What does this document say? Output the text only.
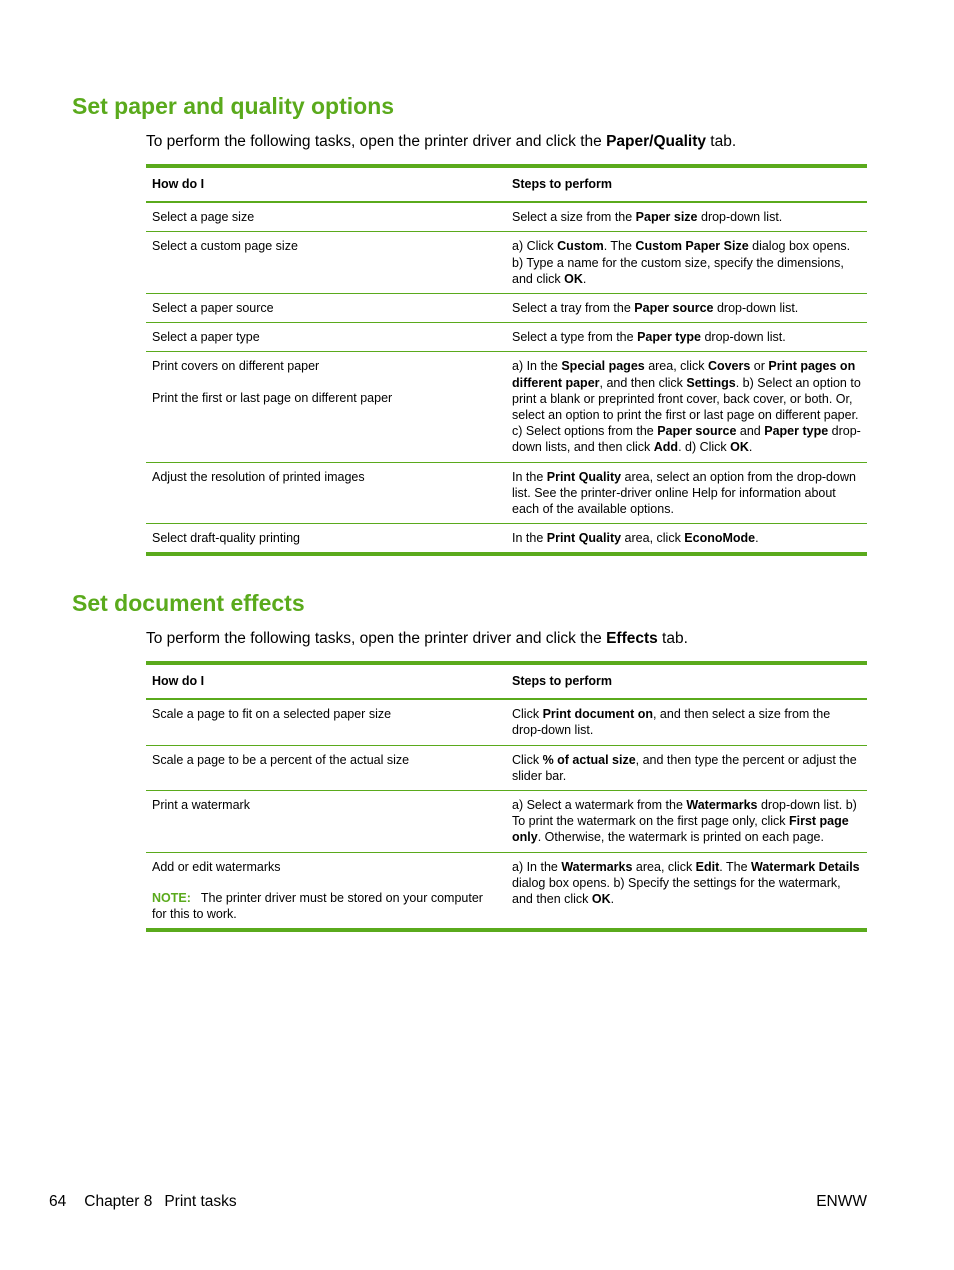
Set paper and quality options

To perform the following tasks, open the printer driver and click the Paper/Quality tab.

How do I	Steps to perform
Select a page size	Select a size from the Paper size drop-down list.
Select a custom page size	a) Click Custom. The Custom Paper Size dialog box opens. b) Type a name for the custom size, specify the dimensions, and click OK.
Select a paper source	Select a tray from the Paper source drop-down list.
Select a paper type	Select a type from the Paper type drop-down list.
Print covers on different paper
Print the first or last page on different paper	a) In the Special pages area, click Covers or Print pages on different paper, and then click Settings. b) Select an option to print a blank or preprinted front cover, back cover, or both. Or, select an option to print the first or last page on different paper. c) Select options from the Paper source and Paper type drop-down lists, and then click Add. d) Click OK.
Adjust the resolution of printed images	In the Print Quality area, select an option from the drop-down list. See the printer-driver online Help for information about each of the available options.
Select draft-quality printing	In the Print Quality area, click EconoMode.
Set document effects

To perform the following tasks, open the printer driver and click the Effects tab.

How do I	Steps to perform
Scale a page to fit on a selected paper size	Click Print document on, and then select a size from the drop-down list.
Scale a page to be a percent of the actual size	Click % of actual size, and then type the percent or adjust the slider bar.
Print a watermark	a) Select a watermark from the Watermarks drop-down list. b) To print the watermark on the first page only, click First page only. Otherwise, the watermark is printed on each page.
Add or edit watermarks
NOTE: The printer driver must be stored on your computer for this to work.	a) In the Watermarks area, click Edit. The Watermark Details dialog box opens. b) Specify the settings for the watermark, and then click OK.
64 Chapter 8 Print tasks	ENWW
